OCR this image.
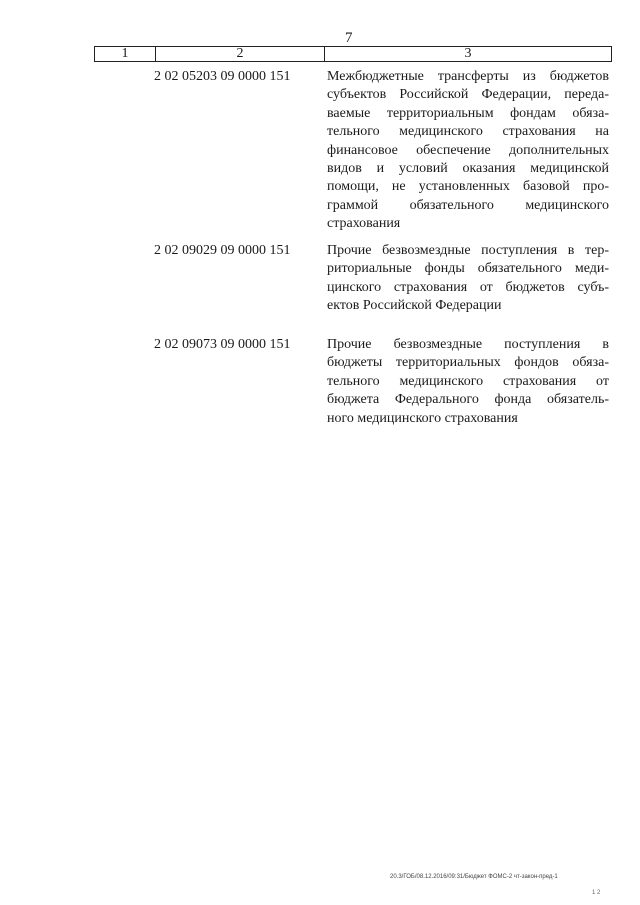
7
1	2	3
2 02 05203 09 0000 151	Межбюджетные трансферты из бюджетов
субъектов Российской Федерации, переда-
ваемые территориальным фондам обяза-
тельного медицинского страхования на
финансовое обеспечение дополнительных
видов и условий оказания медицинской
помощи, не установленных базовой про-
граммой обязательного медицинского
страхования
2 02 09029 09 0000 151	Прочие безвозмездные поступления в тер-
риториальные фонды обязательного меди-
цинского страхования от бюджетов субъ-
ектов Российской Федерации
2 02 09073 09 0000 151	Прочие безвозмездные поступления в
бюджеты территориальных фондов обяза-
тельного медицинского страхования от
бюджета Федерального фонда обязатель-
ного медицинского страхования
20.3/ГОБ/08.12.2016/09:31/Бюджет ФОМС-2 чт-закон-пред-1
1 2
